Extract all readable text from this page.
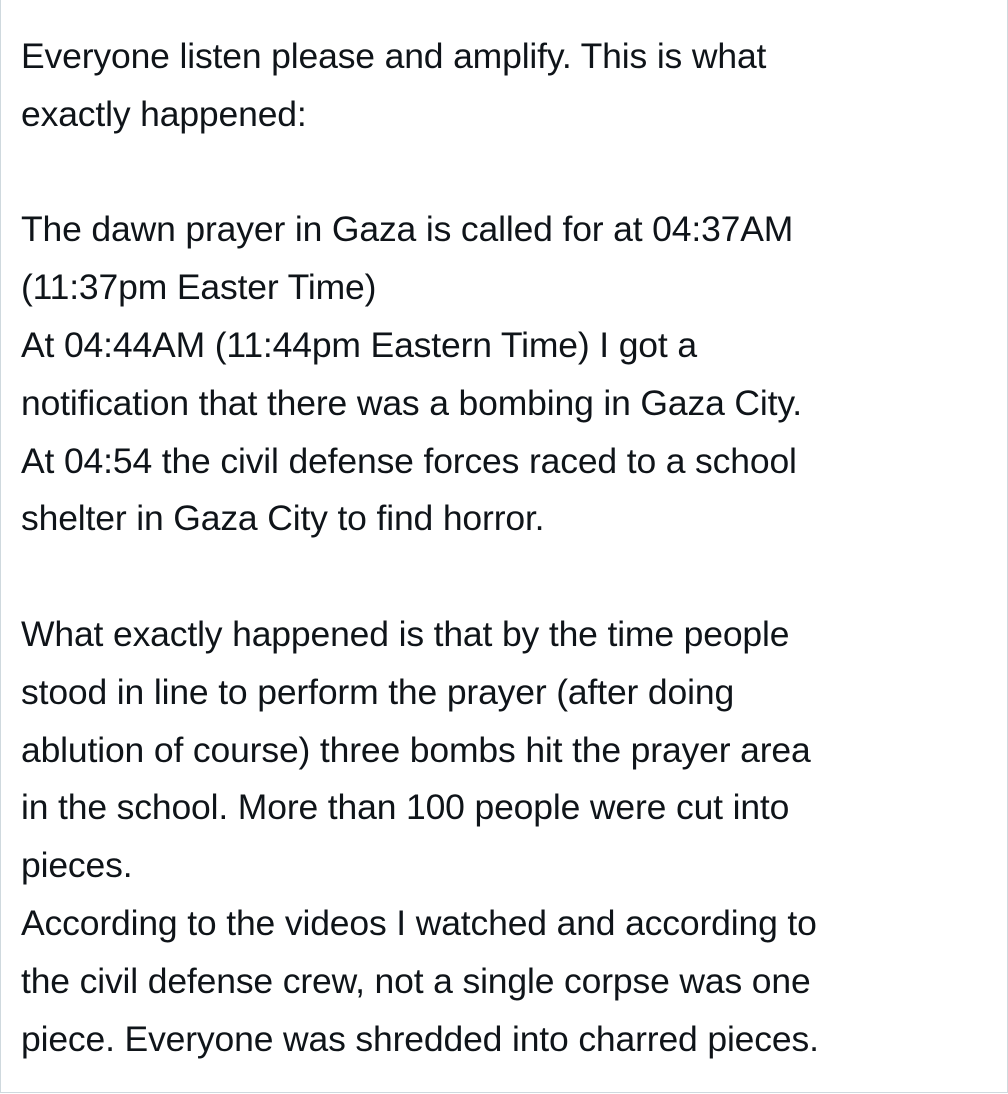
Everyone listen please and amplify. This is what
exactly happened:
The dawn prayer in Gaza is called for at 04:37AM
(11:37pm Easter Time)
At 04:44AM (11:44pm Eastern Time) I got a
notification that there was a bombing in Gaza City.
At 04:54 the civil defense forces raced to a school
shelter in Gaza City to find horror.
What exactly happened is that by the time people
stood in line to perform the prayer (after doing
ablution of course) three bombs hit the prayer area
in the school. More than 100 people were cut into
pieces.
According to the videos I watched and according to
the civil defense crew, not a single corpse was one
piece. Everyone was shredded into charred pieces.
